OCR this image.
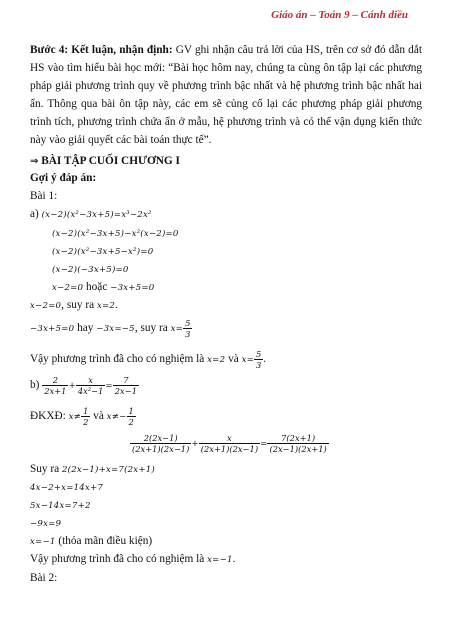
Giáo án – Toán 9 – Cánh diều
Bước 4: Kết luận, nhận định: GV ghi nhận câu trả lời của HS, trên cơ sở đó dẫn dắt HS vào tìm hiểu bài học mới: “Bài học hôm nay, chúng ta cùng ôn tập lại các phương pháp giải phương trình quy về phương trình bậc nhất và hệ phương trình bậc nhất hai ẩn. Thông qua bài ôn tập này, các em sẽ củng cố lại các phương pháp giải phương trình tích, phương trình chứa ẩn ở mẫu, hệ phương trình và có thể vận dụng kiến thức này vào giải quyết các bài toán thực tế”.
⇒ BÀI TẬP CUỐI CHƯƠNG I
Gợi ý đáp án:
Bài 1:
a) (x−2)(x²−3x+5)=x³−2x²
(x−2)(x²−3x+5)−x²(x−2)=0
(x−2)(x²−3x+5−x²)=0
(x−2)(−3x+5)=0
x−2=0 hoặc −3x+5=0
x−2=0, suy ra x=2.
−3x+5=0 hay −3x=−5, suy ra $x= \frac{5}{3}$
Vậy phương trình đã cho có nghiệm là x=2 và $x= \frac{5}{3}$ .
$b) \frac{2}{2x+1} + \frac{x}{\text{4x²−1}} = \frac{7}{2x-1}$
ĐKXĐ: $x\ne \frac{1}{2}$ và $x\ne- \frac{1}{2}$
$\frac{2(2x-1)}{(2x+1)(2x-1)} + \frac{x}{(2x+1)(2x-1)} = \frac{7(2x+1)}{(2x-1)(2x+1)}$
Suy ra 2(2x−1)+x=7(2x+1)
4x−2+x=14x+7
5x−14x=7+2
−9x=9
x=−1 (thỏa mãn điều kiện)
Vậy phương trình đã cho có nghiệm là x=−1.
Bài 2:
